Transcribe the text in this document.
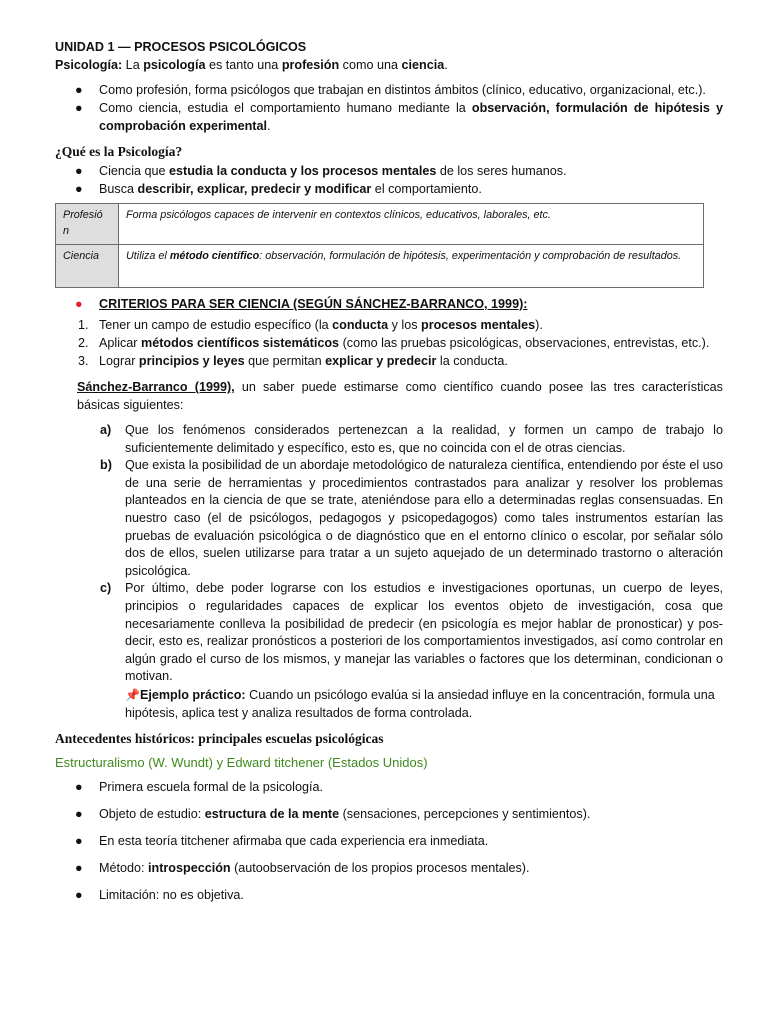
UNIDAD 1 — PROCESOS PSICOLÓGICOS
Psicología: La psicología es tanto una profesión como una ciencia.
● Como profesión, forma psicólogos que trabajan en distintos ámbitos (clínico, educativo, organizacional, etc.).
● Como ciencia, estudia el comportamiento humano mediante la observación, formulación de hipótesis y comprobación experimental.
¿Qué es la Psicología?
● Ciencia que estudia la conducta y los procesos mentales de los seres humanos.
● Busca describir, explicar, predecir y modificar el comportamiento.
Profesió n	Forma psicólogos capaces de intervenir en contextos clínicos, educativos, laborales, etc.
Ciencia	Utiliza el método científico: observación, formulación de hipótesis, experimentación y comprobación de resultados.
● CRITERIOS PARA SER CIENCIA (SEGÚN SÁNCHEZ-BARRANCO, 1999):
1. Tener un campo de estudio específico (la conducta y los procesos mentales).
2. Aplicar métodos científicos sistemáticos (como las pruebas psicológicas, observaciones, entrevistas, etc.).
3. Lograr principios y leyes que permitan explicar y predecir la conducta.
Sánchez-Barranco (1999), un saber puede estimarse como científico cuando posee las tres características básicas siguientes:
a) Que los fenómenos considerados pertenezcan a la realidad, y formen un campo de trabajo lo suficientemente delimitado y específico, esto es, que no coincida con el de otras ciencias.
b) Que exista la posibilidad de un abordaje metodológico de naturaleza científica, entendiendo por éste el uso de una serie de herramientas y procedimientos contrastados para analizar y resolver los problemas planteados en la ciencia de que se trate, ateniéndose para ello a determinadas reglas consensuadas. En nuestro caso (el de psicólogos, pedagogos y psicopedagogos) como tales instrumentos estarían las pruebas de evaluación psicológica o de diagnóstico que en el entorno clínico o escolar, por señalar sólo dos de ellos, suelen utilizarse para tratar a un sujeto aquejado de un determinado trastorno o alteración psicológica.
c) Por último, debe poder lograrse con los estudios e investigaciones oportunas, un cuerpo de leyes, principios o regularidades capaces de explicar los eventos objeto de investigación, cosa que necesariamente conlleva la posibilidad de predecir (en psicología es mejor hablar de pronosticar) y pos-decir, esto es, realizar pronósticos a posteriori de los comportamientos investigados, así como controlar en algún grado el curso de los mismos, y manejar las variables o factores que los determinan, condicionan o motivan.
📌Ejemplo práctico: Cuando un psicólogo evalúa si la ansiedad influye en la concentración, formula una hipótesis, aplica test y analiza resultados de forma controlada.
Antecedentes históricos: principales escuelas psicológicas
Estructuralismo (W. Wundt) y Edward titchener (Estados Unidos)
● Primera escuela formal de la psicología.
● Objeto de estudio: estructura de la mente (sensaciones, percepciones y sentimientos).
● En esta teoría titchener afirmaba que cada experiencia era inmediata.
● Método: introspección (autoobservación de los propios procesos mentales).
● Limitación: no es objetiva.
